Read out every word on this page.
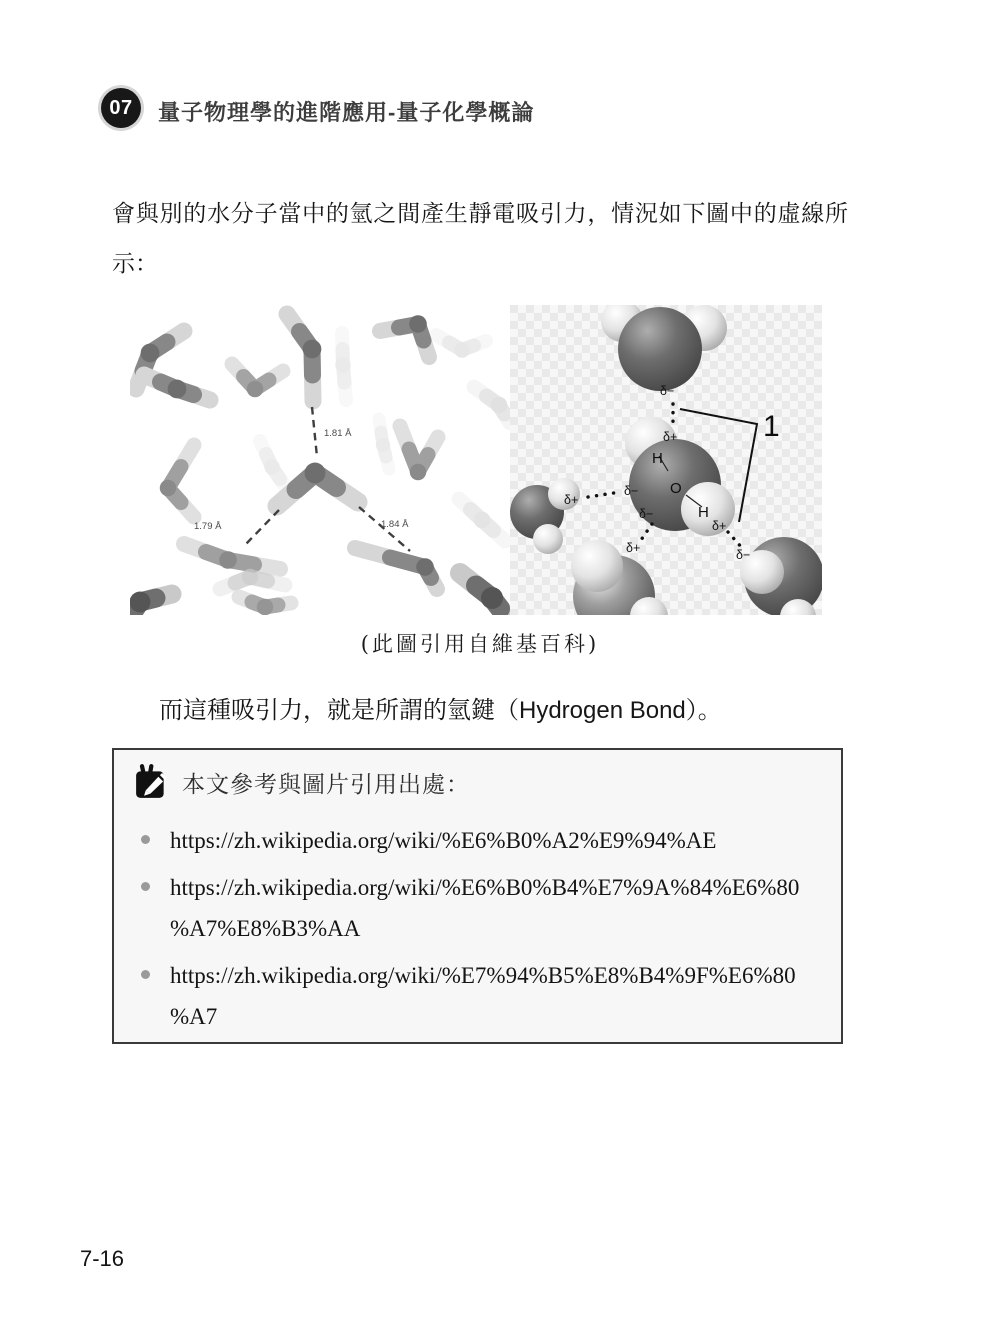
07	量子物理學的進階應用-量子化學概論
會與別的水分子當中的氫之間產生靜電吸引力，情況如下圖中的虛線所
示：
1.81 Å
1.79 Å	1.84 Å
H
O
H
1
δ−
δ+
δ+
δ−
δ−
δ+
δ+
δ−
(此圖引用自維基百科)
而這種吸引力，就是所謂的氫鍵（Hydrogen Bond）。
本文參考與圖片引用出處：
https://zh.wikipedia.org/wiki/%E6%B0%A2%E9%94%AE
https://zh.wikipedia.org/wiki/%E6%B0%B4%E7%9A%84%E6%80
%A7%E8%B3%AA
https://zh.wikipedia.org/wiki/%E7%94%B5%E8%B4%9F%E6%80
%A7
7-16
